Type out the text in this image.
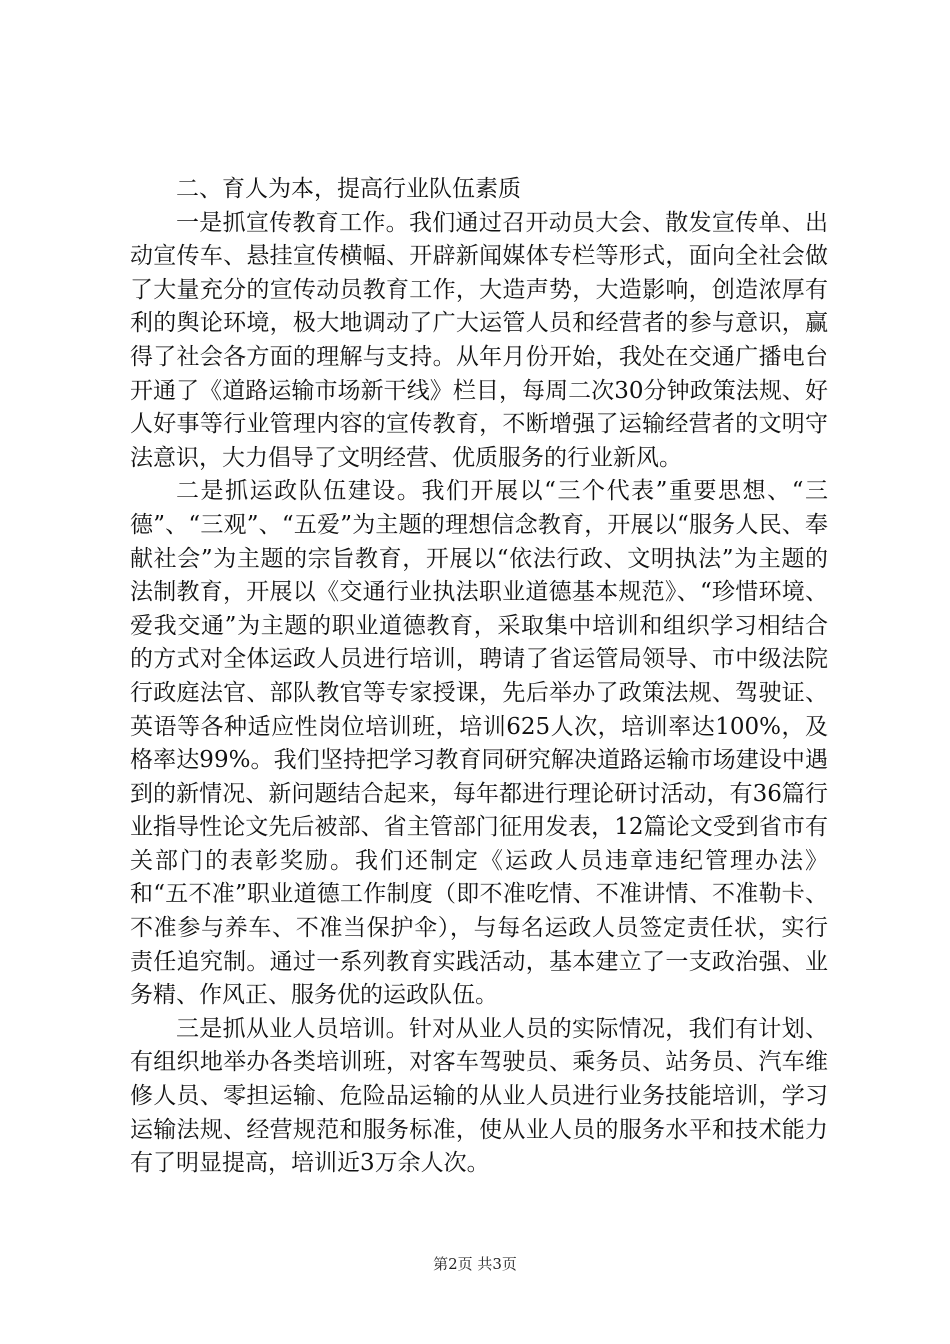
二、育人为本，提高行业队伍素质

一是抓宣传教育工作。我们通过召开动员大会、散发宣传单、出动宣传车、悬挂宣传横幅、开辟新闻媒体专栏等形式，面向全社会做了大量充分的宣传动员教育工作，大造声势，大造影响，创造浓厚有利的舆论环境，极大地调动了广大运管人员和经营者的参与意识，赢得了社会各方面的理解与支持。从年月份开始，我处在交通广播电台开通了《道路运输市场新干线》栏目，每周二次30分钟政策法规、好人好事等行业管理内容的宣传教育，不断增强了运输经营者的文明守法意识，大力倡导了文明经营、优质服务的行业新风。

二是抓运政队伍建设。我们开展以“三个代表”重要思想、“三德”、“三观”、“五爱”为主题的理想信念教育，开展以“服务人民、奉献社会”为主题的宗旨教育，开展以“依法行政、文明执法”为主题的法制教育，开展以《交通行业执法职业道德基本规范》、“珍惜环境、爱我交通”为主题的职业道德教育，采取集中培训和组织学习相结合的方式对全体运政人员进行培训，聘请了省运管局领导、市中级法院行政庭法官、部队教官等专家授课，先后举办了政策法规、驾驶证、英语等各种适应性岗位培训班，培训625人次，培训率达100%，及格率达99%。我们坚持把学习教育同研究解决道路运输市场建设中遇到的新情况、新问题结合起来，每年都进行理论研讨活动，有36篇行业指导性论文先后被部、省主管部门征用发表，12篇论文受到省市有关部门的表彰奖励。我们还制定《运政人员违章违纪管理办法》和“五不准”职业道德工作制度（即不准吃情、不准讲情、不准勒卡、不准参与养车、不准当保护伞），与每名运政人员签定责任状，实行责任追究制。通过一系列教育实践活动，基本建立了一支政治强、业务精、作风正、服务优的运政队伍。

三是抓从业人员培训。针对从业人员的实际情况，我们有计划、有组织地举办各类培训班，对客车驾驶员、乘务员、站务员、汽车维修人员、零担运输、危险品运输的从业人员进行业务技能培训，学习运输法规、经营规范和服务标准，使从业人员的服务水平和技术能力有了明显提高，培训近3万余人次。

第2页 共3页
